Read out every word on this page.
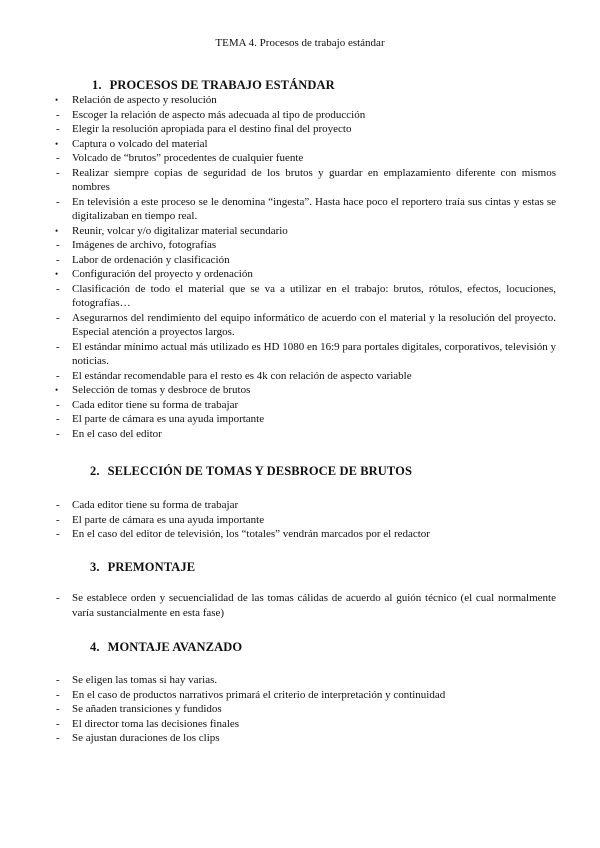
TEMA 4. Procesos de trabajo estándar
1. PROCESOS DE TRABAJO ESTÁNDAR
• Relación de aspecto y resolución
- Escoger la relación de aspecto más adecuada al tipo de producción
- Elegir la resolución apropiada para el destino final del proyecto
• Captura o volcado del material
- Volcado de “brutos” procedentes de cualquier fuente
- Realizar siempre copias de seguridad de los brutos y guardar en emplazamiento diferente con mismos nombres
- En televisión a este proceso se le denomina “ingesta”. Hasta hace poco el reportero traía sus cintas y estas se digitalizaban en tiempo real.
• Reunir, volcar y/o digitalizar material secundario
- Imágenes de archivo, fotografías
- Labor de ordenación y clasificación
• Configuración del proyecto y ordenación
- Clasificación de todo el material que se va a utilizar en el trabajo: brutos, rótulos, efectos, locuciones, fotografías…
- Asegurarnos del rendimiento del equipo informático de acuerdo con el material y la resolución del proyecto. Especial atención a proyectos largos.
- El estándar mínimo actual más utilizado es HD 1080 en 16:9 para portales digitales, corporativos, televisión y noticias.
- El estándar recomendable para el resto es 4k con relación de aspecto variable
• Selección de tomas y desbroce de brutos
- Cada editor tiene su forma de trabajar
- El parte de cámara es una ayuda importante
- En el caso del editor
2. SELECCIÓN DE TOMAS Y DESBROCE DE BRUTOS
- Cada editor tiene su forma de trabajar
- El parte de cámara es una ayuda importante
- En el caso del editor de televisión, los “totales” vendrán marcados por el redactor
3. PREMONTAJE
- Se establece orden y secuencialidad de las tomas cálidas de acuerdo al guión técnico (el cual normalmente varía sustancialmente en esta fase)
4. MONTAJE AVANZADO
- Se eligen las tomas si hay varias.
- En el caso de productos narrativos primará el criterio de interpretación y continuidad
- Se añaden transiciones y fundidos
- El director toma las decisiones finales
- Se ajustan duraciones de los clips
